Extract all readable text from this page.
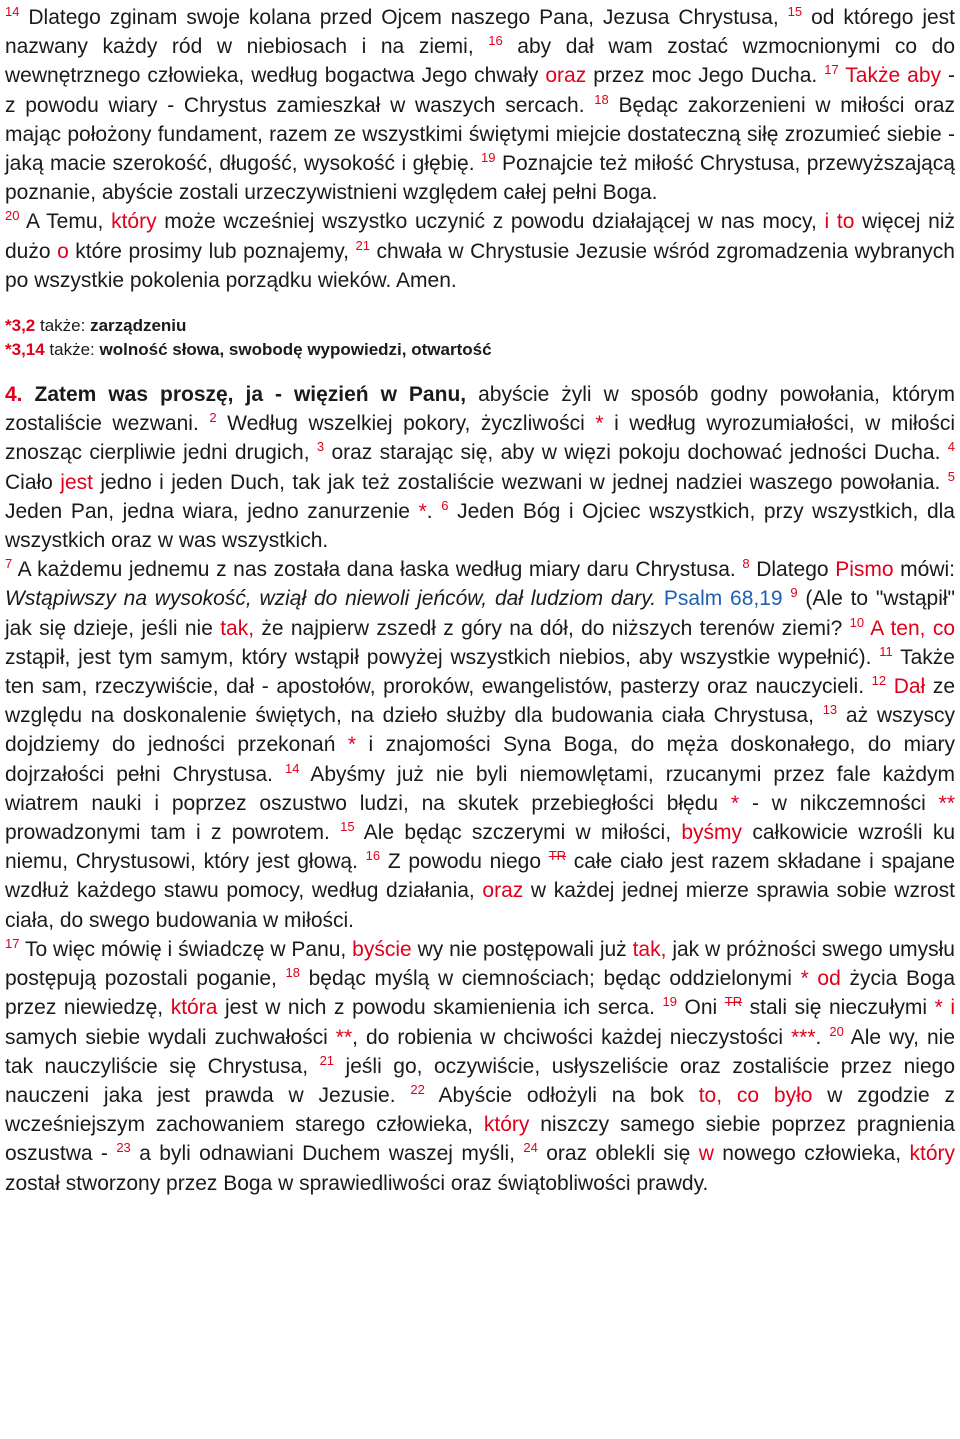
$^{14}$ Dlatego zginam swoje kolana przed Ojcem naszego Pana, Jezusa Chrystusa, $^{15}$ od którego jest nazwany każdy ród w niebiosach i na ziemi, $^{16}$ aby dał wam zostać wzmocnionymi co do wewnętrznego człowieka, według bogactwa Jego chwały oraz przez moc Jego Ducha. $^{17}$ Także aby - z powodu wiary - Chrystus zamieszkał w waszych sercach. $^{18}$ Będąc zakorzenieni w miłości oraz mając położony fundament, razem ze wszystkimi świętymi miejcie dostateczną siłę zrozumieć siebie - jaką macie szerokość, długość, wysokość i głębię. $^{19}$ Poznajcie też miłość Chrystusa, przewyższającą poznanie, abyście zostali urzeczywistnieni względem całej pełni Boga.

$^{20}$ A Temu, który może wcześniej wszystko uczynić z powodu działającej w nas mocy, i to więcej niż dużo o które prosimy lub poznajemy, $^{21}$ chwała w Chrystusie Jezusie wśród zgromadzenia wybranych po wszystkie pokolenia porządku wieków. Amen.

*3,2 także: zarządzeniu
*3,14 także: wolność słowa, swobodę wypowiedzi, otwartość

4. Zatem was proszę, ja - więzień w Panu, abyście żyli w sposób godny powołania, którym zostaliście wezwani. $^2$ Według wszelkiej pokory, życzliwości * i według wyrozumiałości, w miłości znosząc cierpliwie jedni drugich, $^3$ oraz starając się, aby w więzi pokoju dochować jedności Ducha. $^4$ Ciało jest jedno i jeden Duch, tak jak też zostaliście wezwani w jednej nadziei waszego powołania. $^5$ Jeden Pan, jedna wiara, jedno zanurzenie *. $^6$ Jeden Bóg i Ojciec wszystkich, przy wszystkich, dla wszystkich oraz w was wszystkich.

$^7$ A każdemu jednemu z nas została dana łaska według miary daru Chrystusa. $^8$ Dlatego Pismo mówi: Wstąpiwszy na wysokość, wziął do niewoli jeńców, dał ludziom dary. Psalm 68,19 $^9$ (Ale to "wstąpił" jak się dzieje, jeśli nie tak, że najpierw zszedł z góry na dół, do niższych terenów ziemi? $^{10}$ A ten, co zstąpił, jest tym samym, który wstąpił powyżej wszystkich niebios, aby wszystkie wypełnić). $^{11}$ Także ten sam, rzeczywiście, dał - apostołów, proroków, ewangelistów, pasterzy oraz nauczycieli. $^{12}$ Dał ze względu na doskonalenie świętych, na dzieło służby dla budowania ciała Chrystusa, $^{13}$ aż wszyscy dojdziemy do jedności przekonań * i znajomości Syna Boga, do męża doskonałego, do miary dojrzałości pełni Chrystusa. $^{14}$ Abyśmy już nie byli niemowlętami, rzucanymi przez fale każdym wiatrem nauki i poprzez oszustwo ludzi, na skutek przebiegłości błędu * - w nikczemności ** prowadzonymi tam i z powrotem. $^{15}$ Ale będąc szczerymi w miłości, byśmy całkowicie wzrośli ku niemu, Chrystusowi, który jest głową. $^{16}$ Z powodu niego $^{TR}$ całe ciało jest razem składane i spajane wzdłuż każdego stawu pomocy, według działania, oraz w każdej jednej mierze sprawia sobie wzrost ciała, do swego budowania w miłości.

$^{17}$ To więc mówię i świadczę w Panu, byście wy nie postępowali już tak, jak w próżności swego umysłu postępują pozostali poganie, $^{18}$ będąc myślą w ciemnościach; będąc oddzielonymi * od życia Boga przez niewiedzę, która jest w nich z powodu skamienienia ich serca. $^{19}$ Oni $^{TR}$ stali się nieczułymi * i samych siebie wydali zuchwałości **, do robienia w chciwości każdej nieczystości ***. $^{20}$ Ale wy, nie tak nauczyliście się Chrystusa, $^{21}$ jeśli go, oczywiście, usłyszeliście oraz zostaliście przez niego nauczeni jaka jest prawda w Jezusie. $^{22}$ Abyście odłożyli na bok to, co było w zgodzie z wcześniejszym zachowaniem starego człowieka, który niszczy samego siebie poprzez pragnienia oszustwa - $^{23}$ a byli odnawiani Duchem waszej myśli, $^{24}$ oraz oblekli się w nowego człowieka, który został stworzony przez Boga w sprawiedliwości oraz świątobliwości prawdy.
